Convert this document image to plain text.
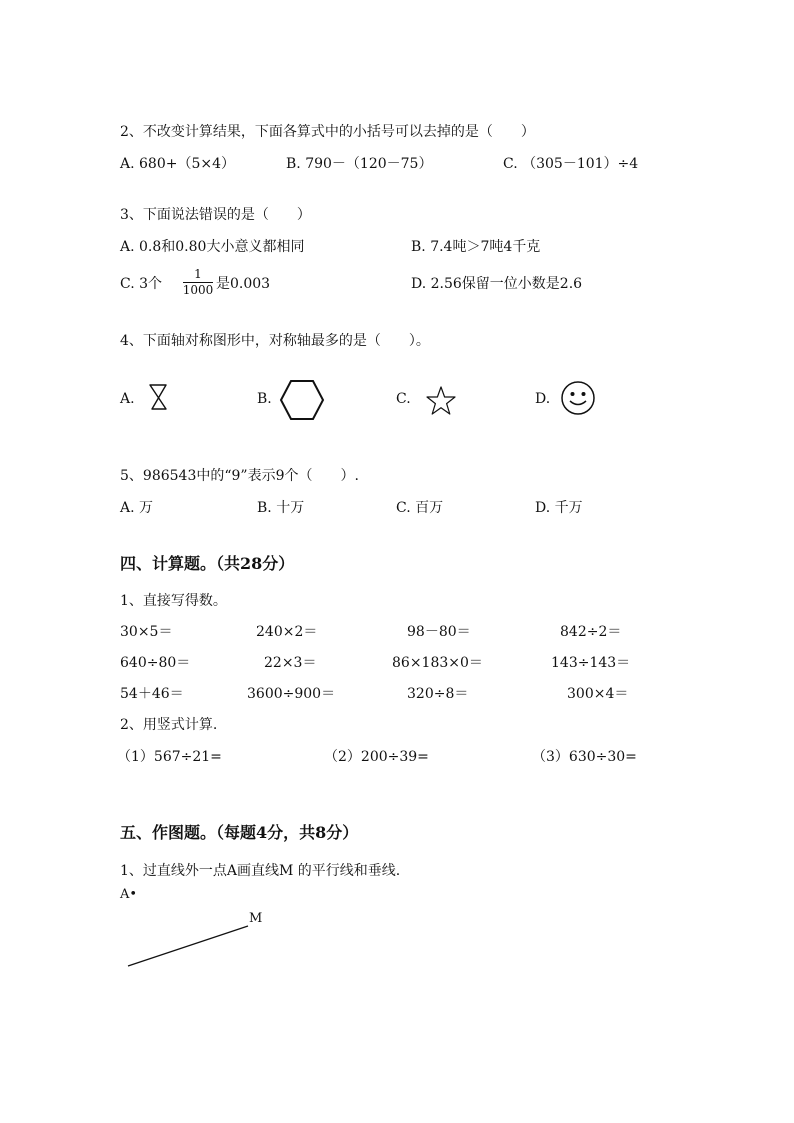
2、不改变计算结果，下面各算式中的小括号可以去掉的是（　　）
A. 680+（5×4）	B. 790－（120－75）	C. （305－101）÷4
3、下面说法错误的是（　　）
A. 0.8和0.80大小意义都相同	B. 7.4吨＞7吨4千克
C. 3个
1
1000 是0.003	D. 2.56保留一位小数是2.6
4、下面轴对称图形中，对称轴最多的是（　　）。
A.	B.	C.	D.
5、986543中的“9”表示9个（　　）.
A. 万	B. 十万	C. 百万	D. 千万
四、计算题。（共28分）
1、直接写得数。
30×5＝	240×2＝	98－80＝	842÷2＝
640÷80＝	22×3＝	86×183×0＝	143÷143＝
54＋46＝	3600÷900＝	320÷8＝	300×4＝
2、用竖式计算.
（1）567÷21=	（2）200÷39=	（3）630÷30=
五、作图题。（每题4分，共8分）
1、过直线外一点A画直线M 的平行线和垂线.
A•
M
